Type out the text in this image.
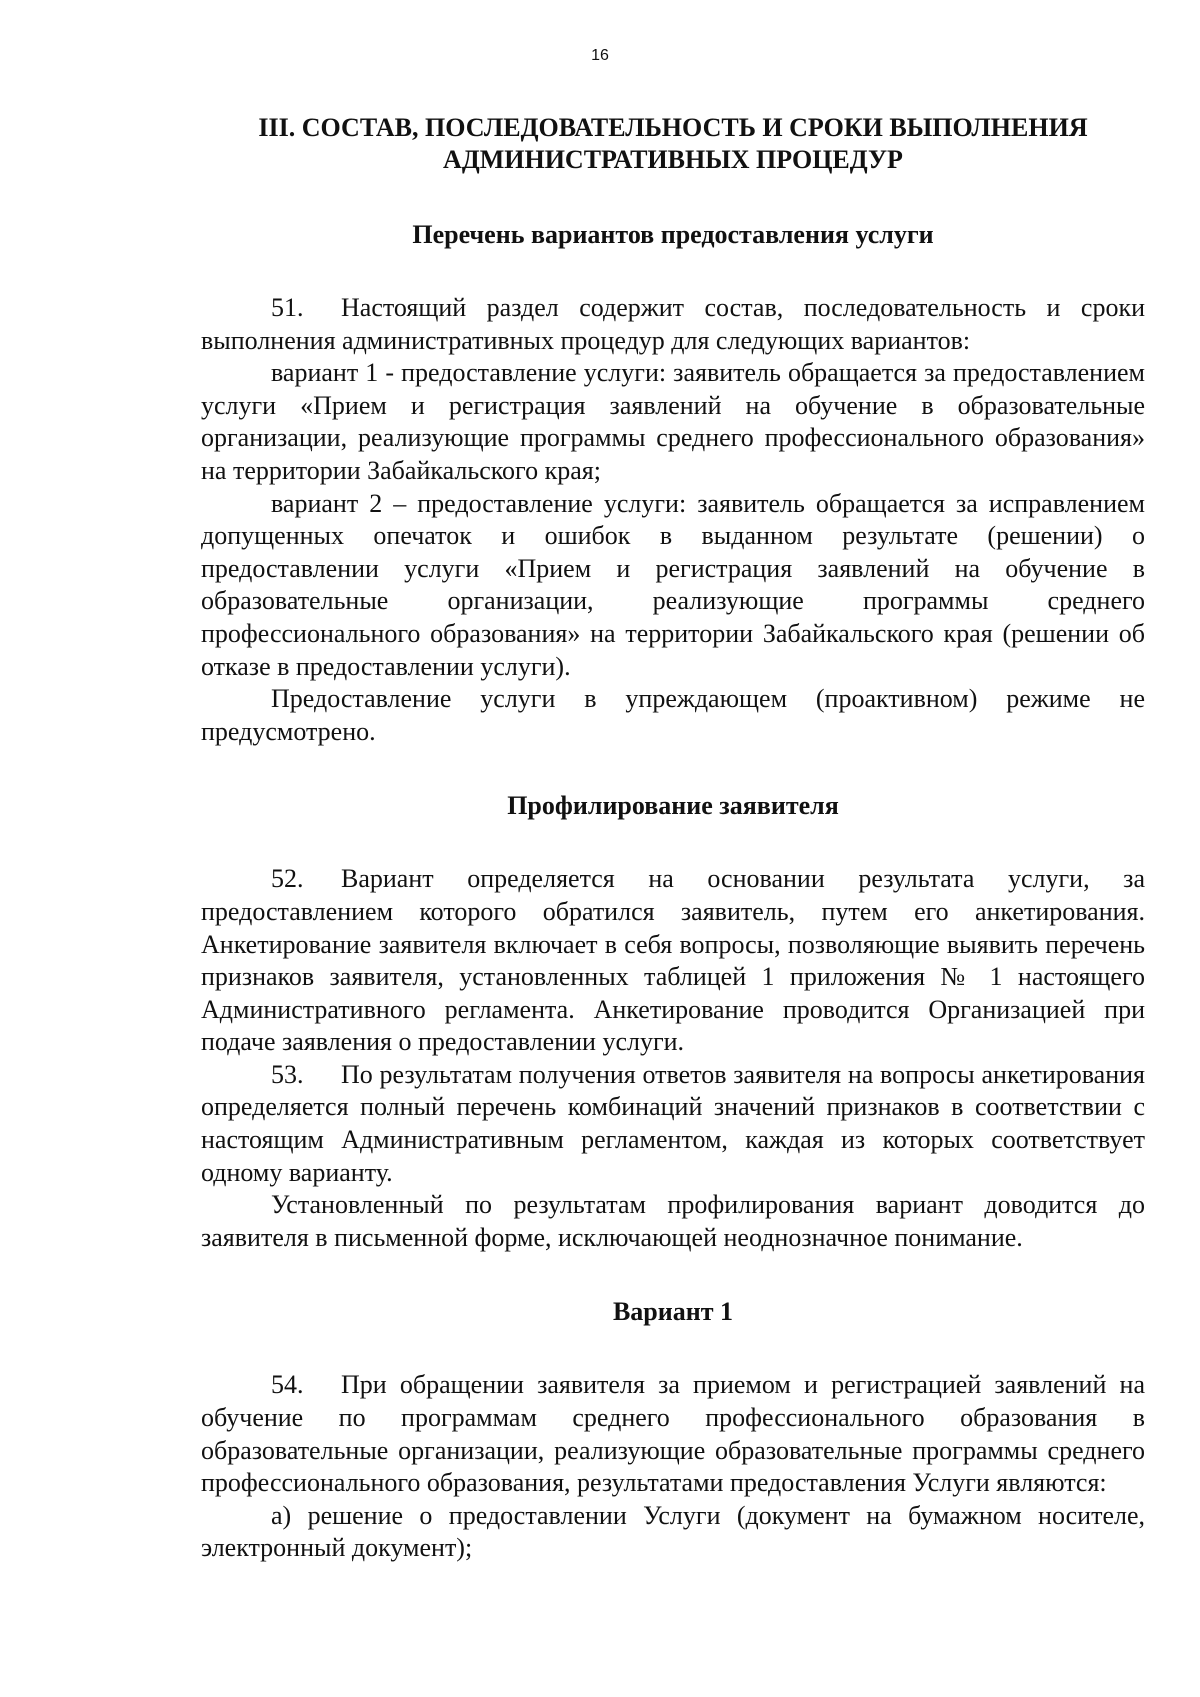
16
III. СОСТАВ, ПОСЛЕДОВАТЕЛЬНОСТЬ И СРОКИ ВЫПОЛНЕНИЯ
АДМИНИСТРАТИВНЫХ ПРОЦЕДУР
Перечень вариантов предоставления услуги

51. Настоящий раздел содержит состав, последовательность и сроки выполнения административных процедур для следующих вариантов:

вариант 1 - предоставление услуги: заявитель обращается за предоставлением услуги «Прием и регистрация заявлений на обучение в образовательные организации, реализующие программы среднего профессионального образования» на территории Забайкальского края;

вариант 2 – предоставление услуги: заявитель обращается за исправлением допущенных опечаток и ошибок в выданном результате (решении) о предоставлении услуги «Прием и регистрация заявлений на обучение в образовательные организации, реализующие программы среднего профессионального образования» на территории Забайкальского края (решении об отказе в предоставлении услуги).

Предоставление услуги в упреждающем (проактивном) режиме не предусмотрено.

Профилирование заявителя

52. Вариант определяется на основании результата услуги, за предоставлением которого обратился заявитель, путем его анкетирования. Анкетирование заявителя включает в себя вопросы, позволяющие выявить перечень признаков заявителя, установленных таблицей 1 приложения № 1 настоящего Административного регламента. Анкетирование проводится Организацией при подаче заявления о предоставлении услуги.

53. По результатам получения ответов заявителя на вопросы анкетирования определяется полный перечень комбинаций значений признаков в соответствии с настоящим Административным регламентом, каждая из которых соответствует одному варианту.

Установленный по результатам профилирования вариант доводится до заявителя в письменной форме, исключающей неоднозначное понимание.

Вариант 1

54. При обращении заявителя за приемом и регистрацией заявлений на обучение по программам среднего профессионального образования в образовательные организации, реализующие образовательные программы среднего профессионального образования, результатами предоставления Услуги являются:

а) решение о предоставлении Услуги (документ на бумажном носителе, электронный документ);
